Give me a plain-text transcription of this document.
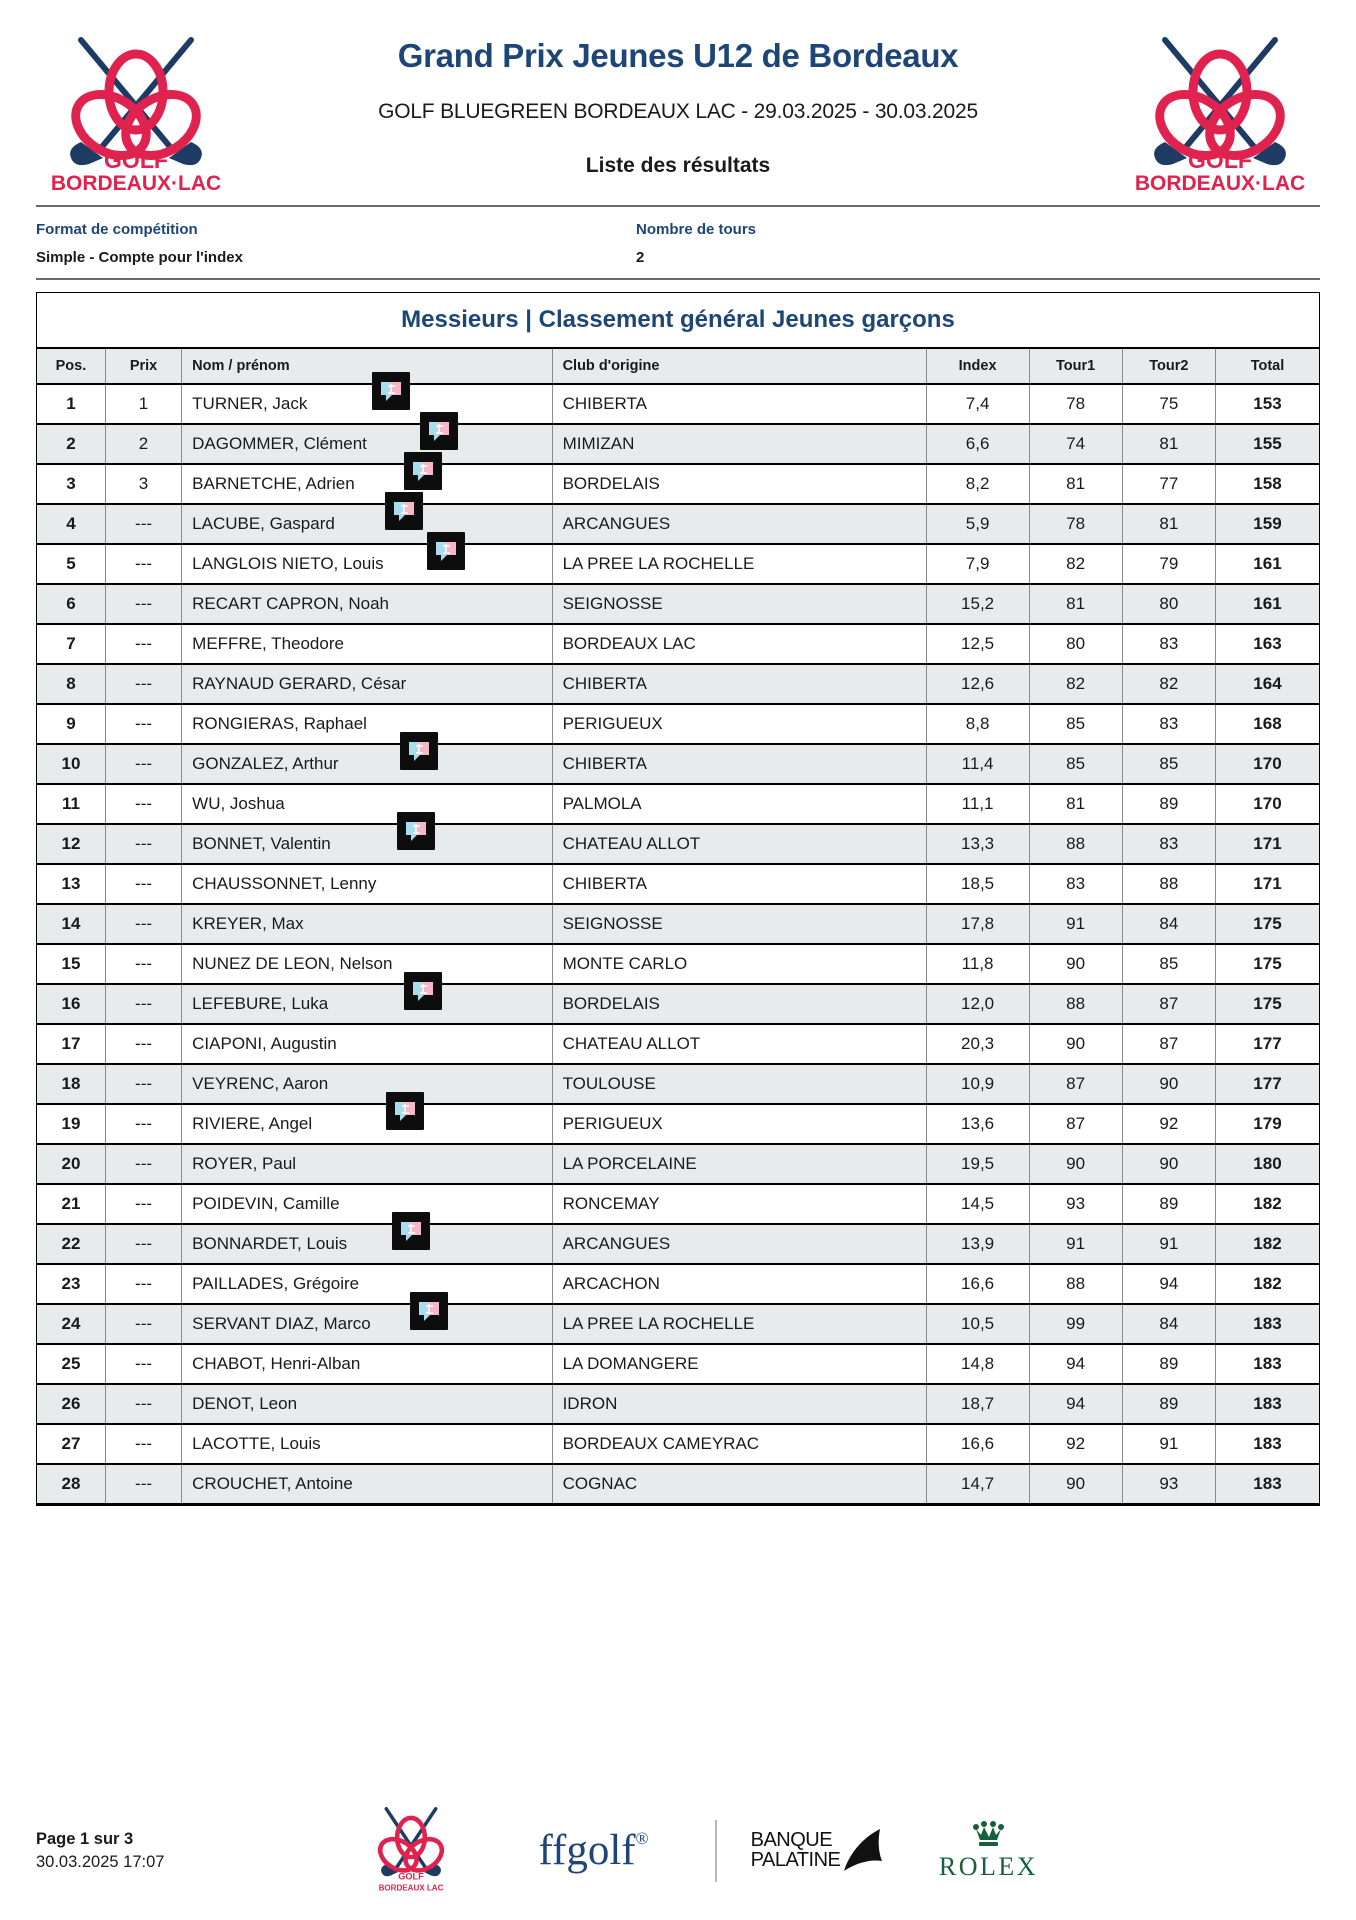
GOLF
BORDEAUX·LAC
Grand Prix Jeunes U12 de Bordeaux
GOLF BLUEGREEN BORDEAUX LAC - 29.03.2025 - 30.03.2025
Liste des résultats	GOLF
BORDEAUX·LAC
Format de compétition
Simple - Compte pour l'index
Nombre de tours
2
Messieurs | Classement général Jeunes garçons
Pos.	Prix	Nom / prénom	Club d'origine	Index	Tour1	Tour2	Total
1	1	TURNER, Jack	CHIBERTA	7,4	78	75	153
2	2	DAGOMMER, Clément	MIMIZAN	6,6	74	81	155
3	3	BARNETCHE, Adrien	BORDELAIS	8,2	81	77	158
4	---	LACUBE, Gaspard	ARCANGUES	5,9	78	81	159
5	---	LANGLOIS NIETO, Louis	LA PREE LA ROCHELLE	7,9	82	79	161
6	---	RECART CAPRON, Noah	SEIGNOSSE	15,2	81	80	161
7	---	MEFFRE, Theodore	BORDEAUX LAC	12,5	80	83	163
8	---	RAYNAUD GERARD, César	CHIBERTA	12,6	82	82	164
9	---	RONGIERAS, Raphael	PERIGUEUX	8,8	85	83	168
10	---	GONZALEZ, Arthur	CHIBERTA	11,4	85	85	170
11	---	WU, Joshua	PALMOLA	11,1	81	89	170
12	---	BONNET, Valentin	CHATEAU ALLOT	13,3	88	83	171
13	---	CHAUSSONNET, Lenny	CHIBERTA	18,5	83	88	171
14	---	KREYER, Max	SEIGNOSSE	17,8	91	84	175
15	---	NUNEZ DE LEON, Nelson	MONTE CARLO	11,8	90	85	175
16	---	LEFEBURE, Luka	BORDELAIS	12,0	88	87	175
17	---	CIAPONI, Augustin	CHATEAU ALLOT	20,3	90	87	177
18	---	VEYRENC, Aaron	TOULOUSE	10,9	87	90	177
19	---	RIVIERE, Angel	PERIGUEUX	13,6	87	92	179
20	---	ROYER, Paul	LA PORCELAINE	19,5	90	90	180
21	---	POIDEVIN, Camille	RONCEMAY	14,5	93	89	182
22	---	BONNARDET, Louis	ARCANGUES	13,9	91	91	182
23	---	PAILLADES, Grégoire	ARCACHON	16,6	88	94	182
24	---	SERVANT DIAZ, Marco	LA PREE LA ROCHELLE	10,5	99	84	183
25	---	CHABOT, Henri-Alban	LA DOMANGERE	14,8	94	89	183
26	---	DENOT, Leon	IDRON	18,7	94	89	183
27	---	LACOTTE, Louis	BORDEAUX CAMEYRAC	16,6	92	91	183
28	---	CROUCHET, Antoine	COGNAC	14,7	90	93	183
Page 1 sur 3
30.03.2025 17:07
GOLF
BORDEAUX LAC
ffgolf®	BANQUE
PALATINE	ROLEX
